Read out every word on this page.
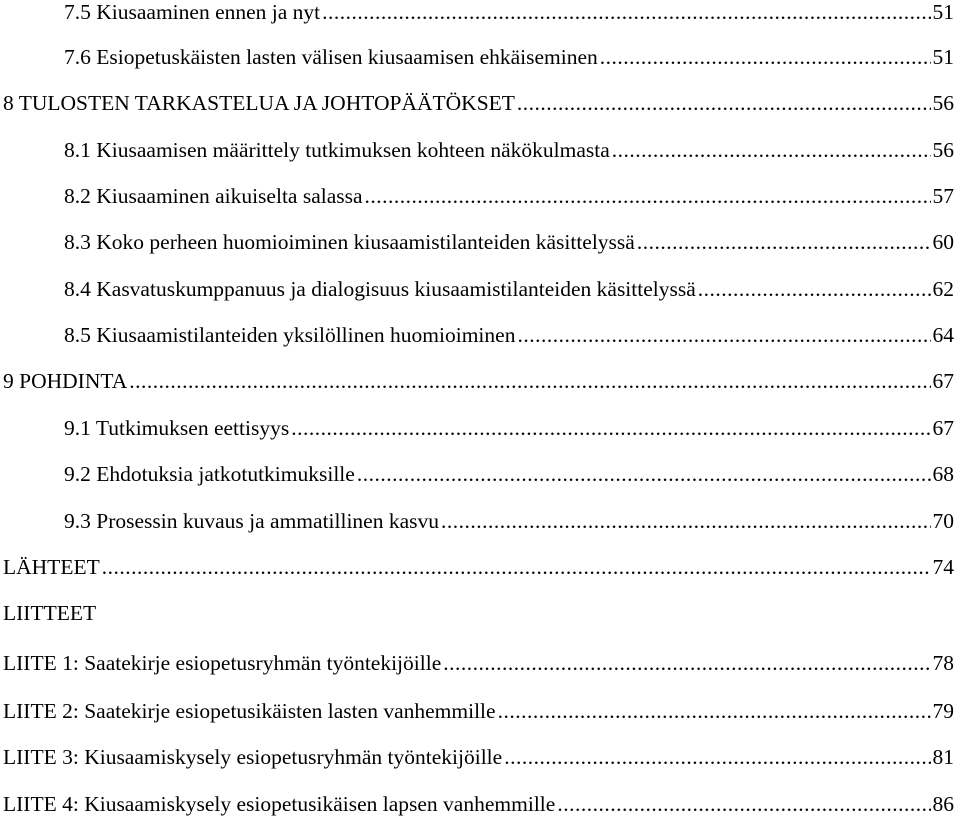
7.5 Kiusaaminen ennen ja nyt .....	51
7.6 Esiopetuskäisten lasten välisen kiusaamisen ehkäiseminen .....	51
8 TULOSTEN TARKASTELUA JA JOHTOPÄÄTÖKSET .....	56
8.1 Kiusaamisen määrittely tutkimuksen kohteen näkökulmasta .....	56
8.2 Kiusaaminen aikuiselta salassa .....	57
8.3 Koko perheen huomioiminen kiusaamistilanteiden käsittelyssä .....	60
8.4 Kasvatuskumppanuus ja dialogisuus kiusaamistilanteiden käsittelyssä .....	62
8.5 Kiusaamistilanteiden yksilöllinen huomioiminen .....	64
9 POHDINTA .....	67
9.1 Tutkimuksen eettisyys .....	67
9.2 Ehdotuksia jatkotutkimuksille .....	68
9.3 Prosessin kuvaus ja ammatillinen kasvu .....	70
LÄHTEET .....	74
LIITTEET
LIITE 1: Saatekirje esiopetusryhmän työntekijöille .....	78
LIITE 2: Saatekirje esiopetusikäisten lasten vanhemmille .....	79
LIITE 3: Kiusaamiskysely esiopetusryhmän työntekijöille .....	81
LIITE 4: Kiusaamiskysely esiopetusikäisen lapsen vanhemmille .....	86
